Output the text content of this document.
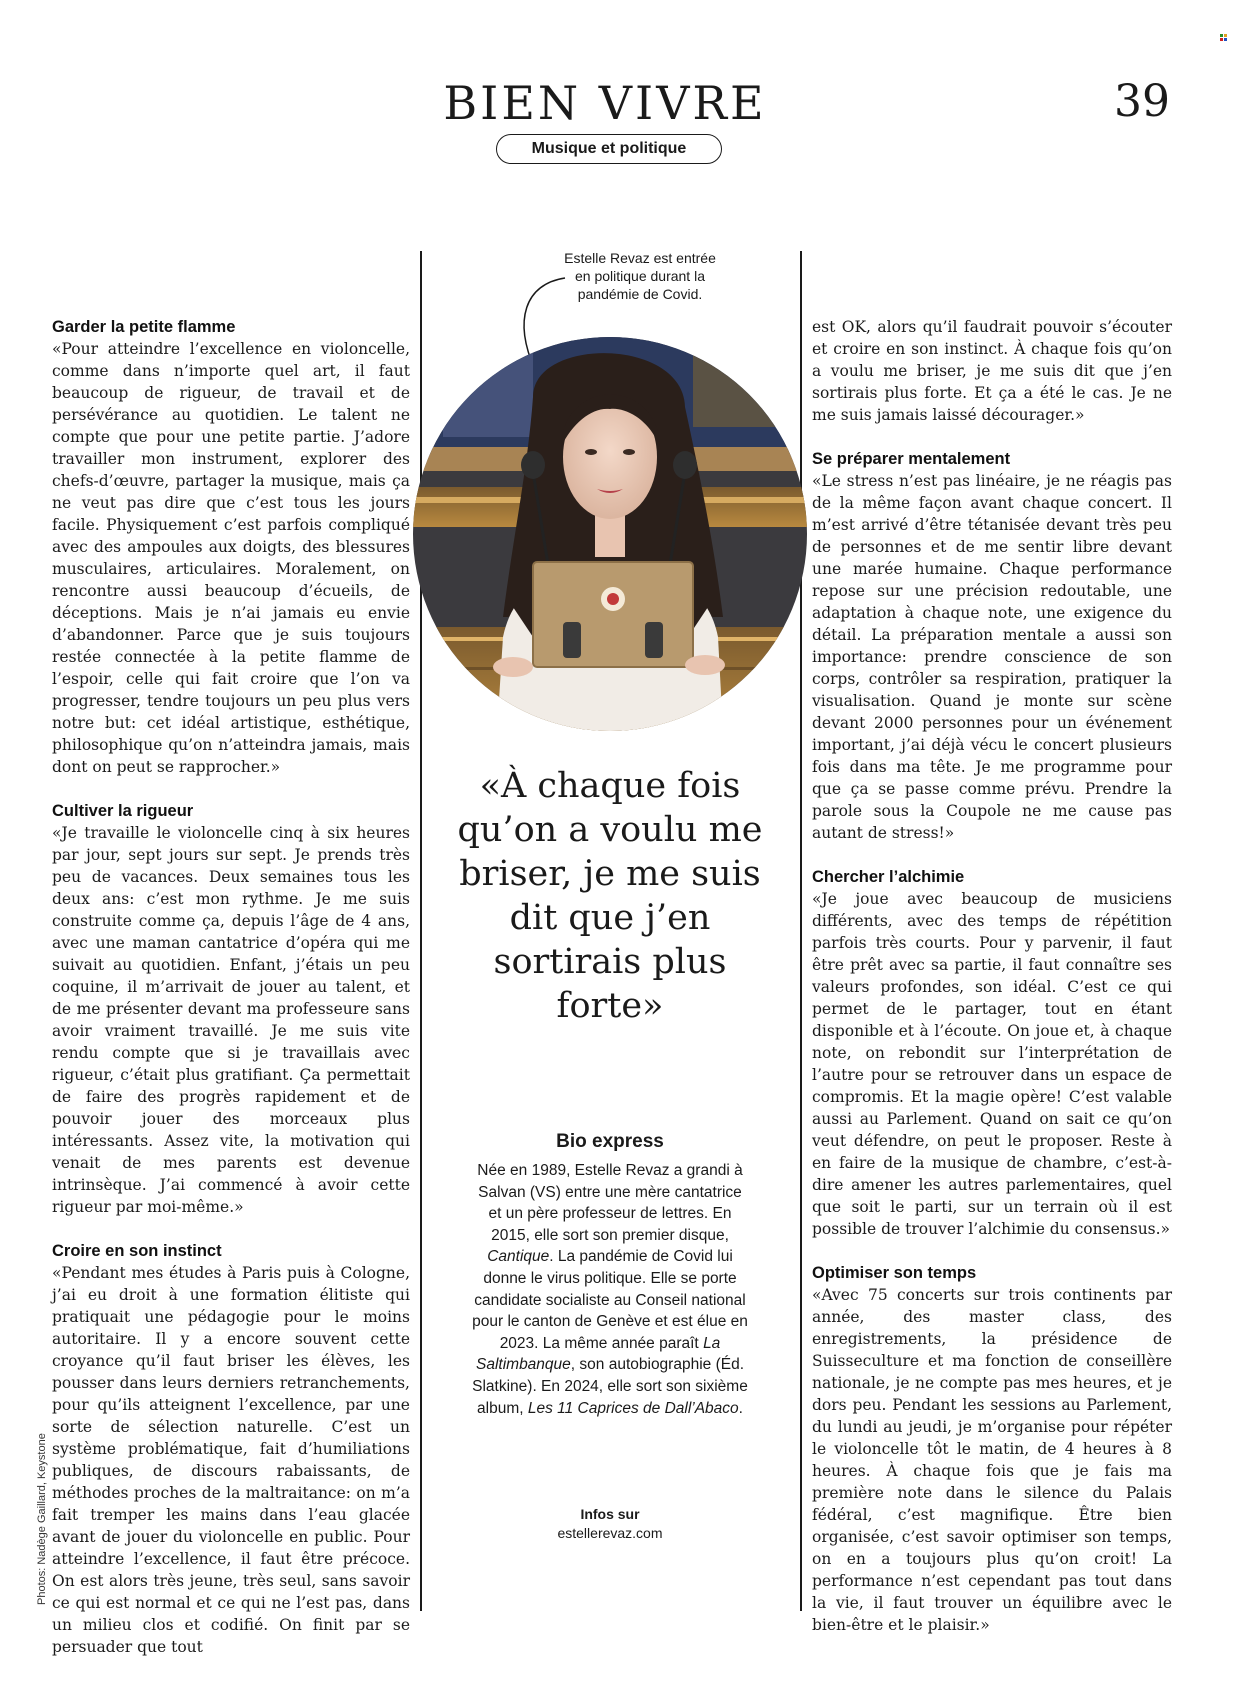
BIEN VIVRE
Musique et politique
39
Garder la petite flamme

«Pour atteindre l’excellence en violoncelle, comme dans n’importe quel art, il faut beaucoup de rigueur, de travail et de persévérance au quotidien. Le talent ne compte que pour une petite partie. J’adore travailler mon instrument, explorer des chefs-d’œuvre, partager la musique, mais ça ne veut pas dire que c’est tous les jours facile. Physiquement c’est parfois compliqué avec des ampoules aux doigts, des blessures musculaires, articulaires. Moralement, on rencontre aussi beaucoup d’écueils, de déceptions. Mais je n’ai jamais eu envie d’abandonner. Parce que je suis toujours restée connectée à la petite flamme de l’espoir, celle qui fait croire que l’on va progresser, tendre toujours un peu plus vers notre but: cet idéal artistique, esthétique, philosophique qu’on n’atteindra jamais, mais dont on peut se rapprocher.»

Cultiver la rigueur

«Je travaille le violoncelle cinq à six heures par jour, sept jours sur sept. Je prends très peu de vacances. Deux semaines tous les deux ans: c’est mon rythme. Je me suis construite comme ça, depuis l’âge de 4 ans, avec une maman cantatrice d’opéra qui me suivait au quotidien. Enfant, j’étais un peu coquine, il m’arrivait de jouer au talent, et de me présenter devant ma professeure sans avoir vraiment travaillé. Je me suis vite rendu compte que si je travaillais avec rigueur, c’était plus gratifiant. Ça permettait de faire des progrès rapidement et de pouvoir jouer des morceaux plus intéressants. Assez vite, la motivation qui venait de mes parents est devenue intrinsèque. J’ai commencé à avoir cette rigueur par moi-même.»

Croire en son instinct

«Pendant mes études à Paris puis à Cologne, j’ai eu droit à une formation élitiste qui pratiquait une pédagogie pour le moins autoritaire. Il y a encore souvent cette croyance qu’il faut briser les élèves, les pousser dans leurs derniers retranchements, pour qu’ils atteignent l’excellence, par une sorte de sélection naturelle. C’est un système problématique, fait d’humiliations publiques, de discours rabaissants, de méthodes proches de la maltraitance: on m’a fait tremper les mains dans l’eau glacée avant de jouer du violoncelle en public. Pour atteindre l’excellence, il faut être précoce. On est alors très jeune, très seul, sans savoir ce qui est normal et ce qui ne l’est pas, dans un milieu clos et codifié. On finit par se persuader que tout

Estelle Revaz est entrée en politique durant la pandémie de Covid.
«À chaque fois qu’on a voulu me briser, je me suis dit que j’en sortirais plus forte»
Bio express

Née en 1989, Estelle Revaz a grandi à Salvan (VS) entre une mère cantatrice et un père professeur de lettres. En 2015, elle sort son premier disque, Cantique. La pandémie de Covid lui donne le virus politique. Elle se porte candidate socialiste au Conseil national pour le canton de Genève et est élue en 2023. La même année paraît La Saltimbanque, son autobiographie (Éd. Slatkine). En 2024, elle sort son sixième album, Les 11 Caprices de Dall’Abaco.

Infos sur
estellerevaz.com

est OK, alors qu’il faudrait pouvoir s’écouter et croire en son instinct. À chaque fois qu’on a voulu me briser, je me suis dit que j’en sortirais plus forte. Et ça a été le cas. Je ne me suis jamais laissé décourager.»

Se préparer mentalement

«Le stress n’est pas linéaire, je ne réagis pas de la même façon avant chaque concert. Il m’est arrivé d’être tétanisée devant très peu de personnes et de me sentir libre devant une marée humaine. Chaque performance repose sur une précision redoutable, une adaptation à chaque note, une exigence du détail. La préparation mentale a aussi son importance: prendre conscience de son corps, contrôler sa respiration, pratiquer la visualisation. Quand je monte sur scène devant 2000 personnes pour un événement important, j’ai déjà vécu le concert plusieurs fois dans ma tête. Je me programme pour que ça se passe comme prévu. Prendre la parole sous la Coupole ne me cause pas autant de stress!»

Chercher l’alchimie

«Je joue avec beaucoup de musiciens différents, avec des temps de répétition parfois très courts. Pour y parvenir, il faut être prêt avec sa partie, il faut connaître ses valeurs profondes, son idéal. C’est ce qui permet de le partager, tout en étant disponible et à l’écoute. On joue et, à chaque note, on rebondit sur l’interprétation de l’autre pour se retrouver dans un espace de compromis. Et la magie opère! C’est valable aussi au Parlement. Quand on sait ce qu’on veut défendre, on peut le proposer. Reste à en faire de la musique de chambre, c’est-à-dire amener les autres parlementaires, quel que soit le parti, sur un terrain où il est possible de trouver l’alchimie du consensus.»

Optimiser son temps

«Avec 75 concerts sur trois continents par année, des master class, des enregistrements, la présidence de Suisseculture et ma fonction de conseillère nationale, je ne compte pas mes heures, et je dors peu. Pendant les sessions au Parlement, du lundi au jeudi, je m’organise pour répéter le violoncelle tôt le matin, de 4 heures à 8 heures. À chaque fois que je fais ma première note dans le silence du Palais fédéral, c’est magnifique. Être bien organisée, c’est savoir optimiser son temps, on en a toujours plus qu’on croit! La performance n’est cependant pas tout dans la vie, il faut trouver un équilibre avec le bien-être et le plaisir.»

Photos: Nadège Gaillard, Keystone
